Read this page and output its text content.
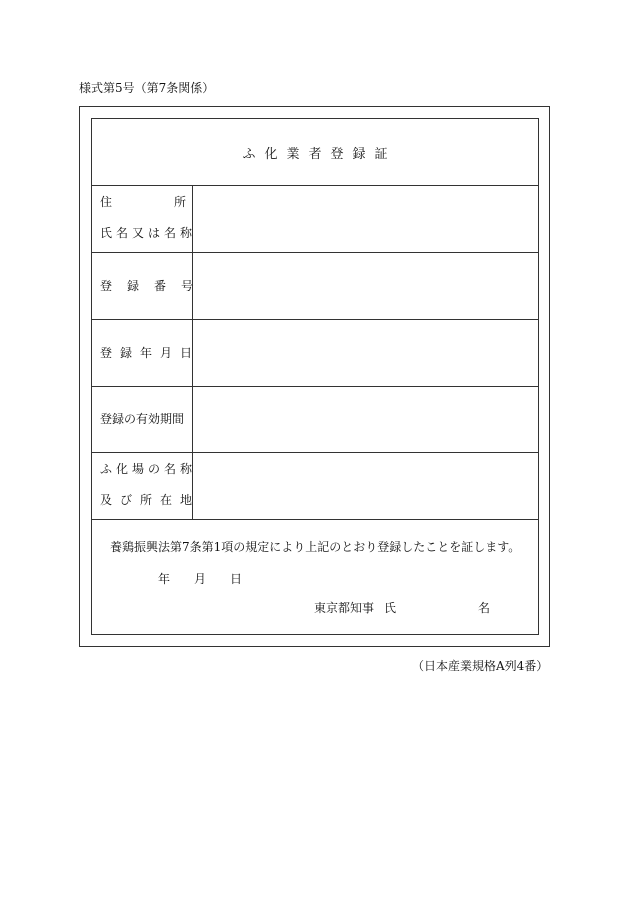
様式第5号（第7条関係）
ふ化業者登録証
住	所
氏名又は名称
登録番号
登録年月日
登録の有効期間
ふ化場の名称
及び所在地
養鶏振興法第7条第1項の規定により上記のとおり登録したことを証します。
年 月 日
東京都知事 氏	名
（日本産業規格A列4番）
